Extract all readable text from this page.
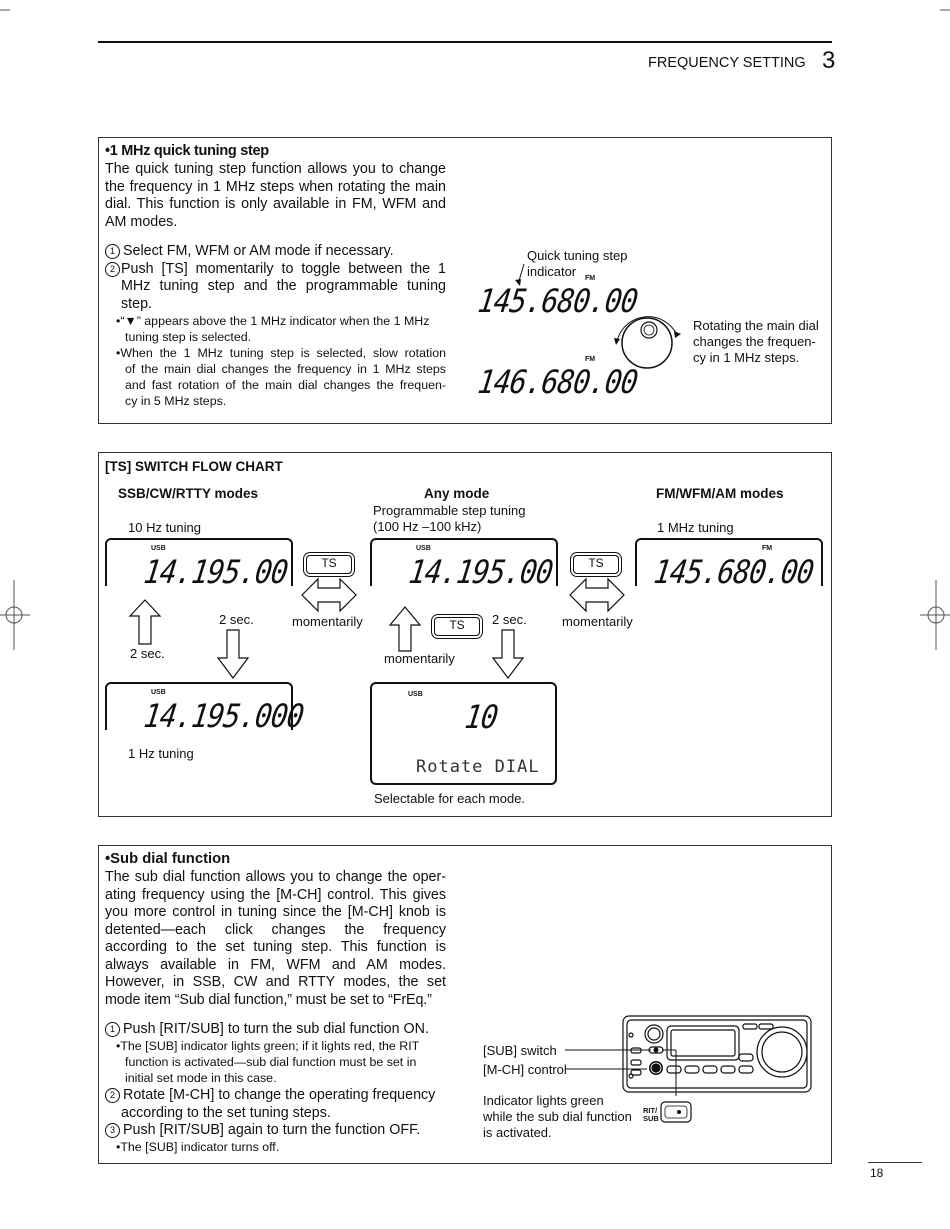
FREQUENCY SETTING 3
•1 MHz quick tuning step
The quick tuning step function allows you to change
the frequency in 1 MHz steps when rotating the main
dial. This function is only available in FM, WFM and
AM modes.
1 Select FM, WFM or AM mode if necessary.
2 Push [TS] momentarily to toggle between the 1
MHz tuning step and the programmable tuning
step.
•“▼” appears above the 1 MHz indicator when the 1 MHz
tuning step is selected.
•When the 1 MHz tuning step is selected, slow rotation
of the main dial changes the frequency in 1 MHz steps
and fast rotation of the main dial changes the frequen-
cy in 5 MHz steps.
Quick tuning step
indicator FM
145.680.00
FM
146.680.00
Rotating the main dial
changes the frequen-
cy in 1 MHz steps.
[TS] SWITCH FLOW CHART
SSB/CW/RTTY modes	Any mode	FM/WFM/AM modes
10 Hz tuning
Programmable step tuning
(100 Hz –100 kHz)	1 MHz tuning
USB
14.195.00
USB
14.195.00
FM
145.680.00
TS	TS
momentarily	momentarily
2 sec.
2 sec.
TS	2 sec.
momentarily
USB
14.195.000
1 Hz tuning
USB
10
Rotate DIAL
Selectable for each mode.
•Sub dial function
The sub dial function allows you to change the oper-
ating frequency using the [M-CH] control. This gives
you more control in tuning since the [M-CH] knob is
detented—each click changes the frequency
according to the set tuning step. This function is
always available in FM, WFM and AM modes.
However, in SSB, CW and RTTY modes, the set
mode item “Sub dial function,” must be set to “FrEq.”
1 Push [RIT/SUB] to turn the sub dial function ON.
•The [SUB] indicator lights green; if it lights red, the RIT
function is activated—sub dial function must be set in
initial set mode in this case.
2 Rotate [M-CH] to change the operating frequency
according to the set tuning steps.
3 Push [RIT/SUB] again to turn the function OFF.
•The [SUB] indicator turns off.
[SUB] switch
[M-CH] control
Indicator lights green
while the sub dial function
is activated.
RIT/
SUB
18
